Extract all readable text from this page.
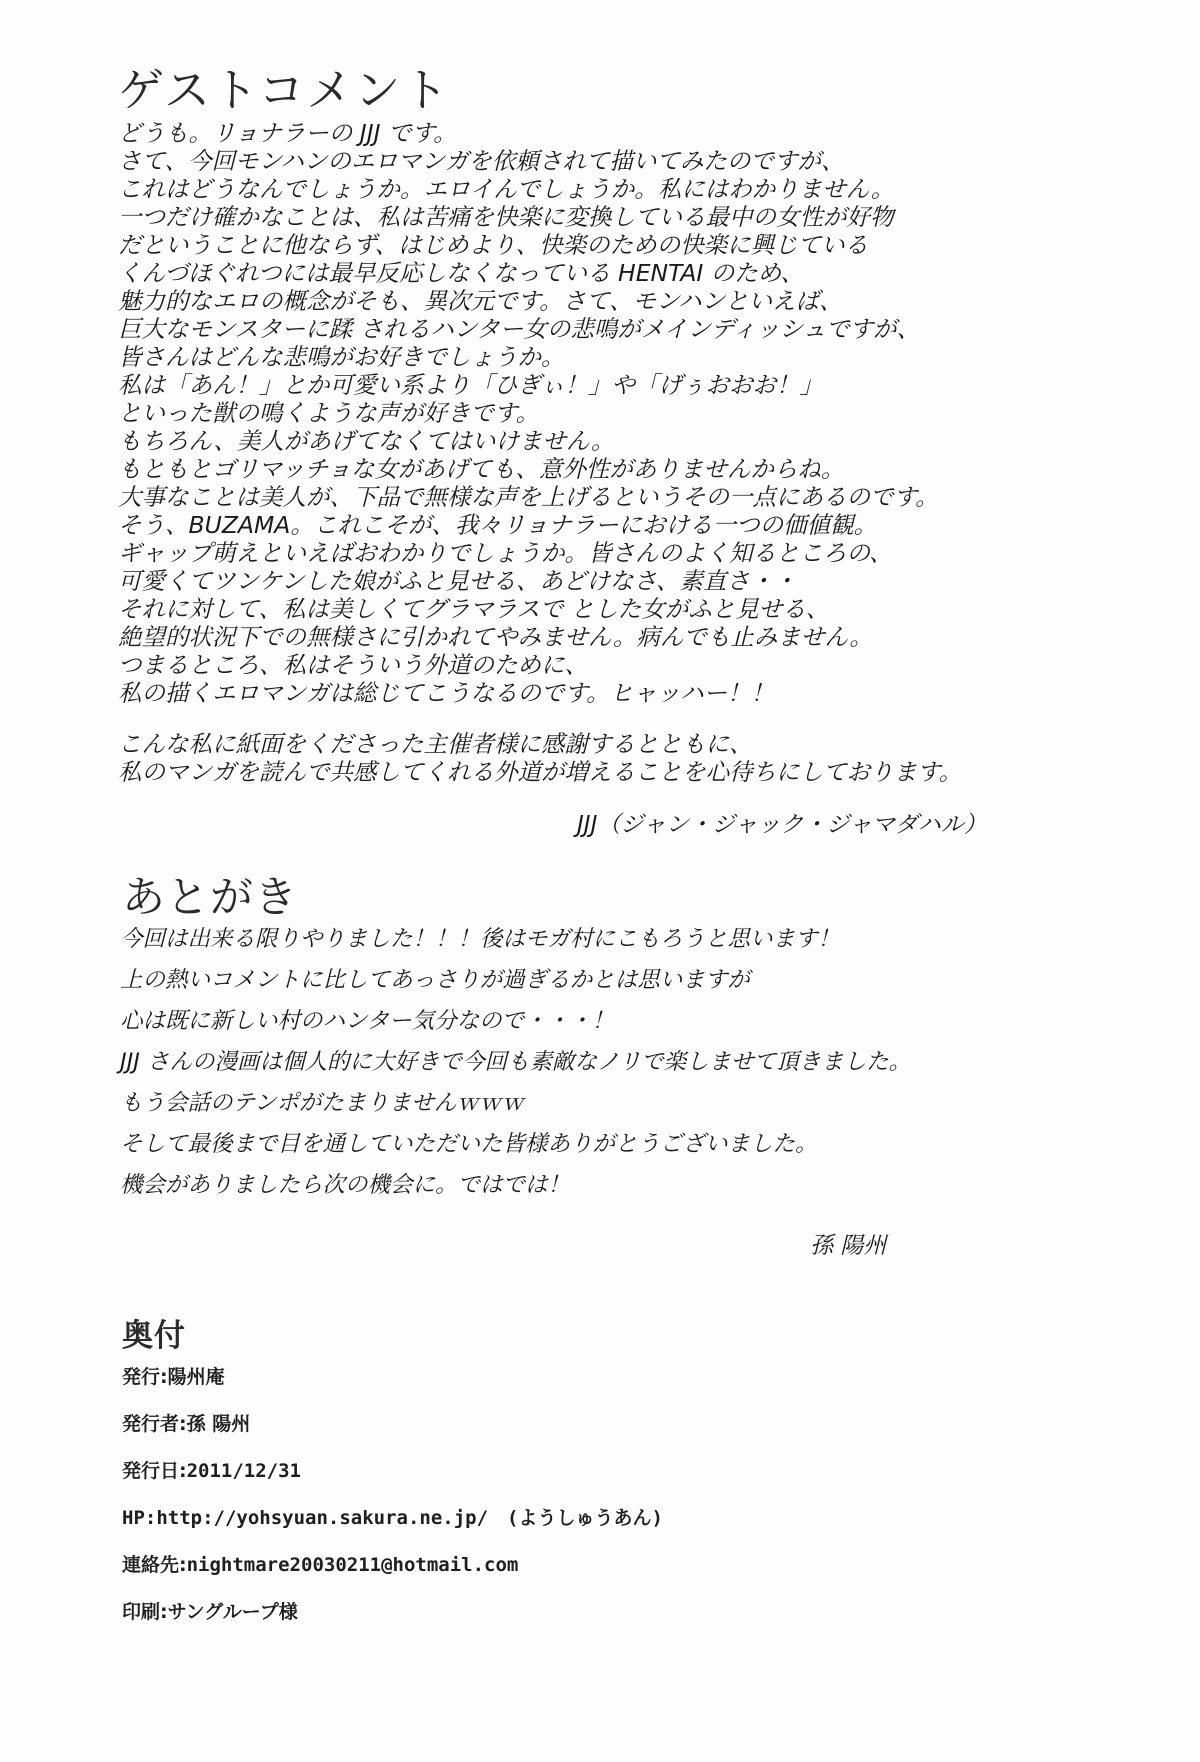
ゲストコメント
どうも。リョナラーの JJJ です。
さて、今回モンハンのエロマンガを依頼されて描いてみたのですが、
これはどうなんでしょうか。エロイんでしょうか。私にはわかりません。
一つだけ確かなことは、私は苦痛を快楽に変換している最中の女性が好物
だということに他ならず、はじめより、快楽のための快楽に興じている
くんづほぐれつには最早反応しなくなっている HENTAI のため、
魅力的なエロの概念がそも、異次元です。さて、モンハンといえば、
巨大なモンスターに蹂 されるハンター女の悲鳴がメインディッシュですが、
皆さんはどんな悲鳴がお好きでしょうか。
私は「あん！」とか可愛い系より「ひぎぃ！」や「げぅおおお！」
といった獣の鳴くような声が好きです。
もちろん、美人があげてなくてはいけません。
もともとゴリマッチョな女があげても、意外性がありませんからね。
大事なことは美人が、下品で無様な声を上げるというその一点にあるのです。
そう、BUZAMA。これこそが、我々リョナラーにおける一つの価値観。
ギャップ萌えといえばおわかりでしょうか。皆さんのよく知るところの、
可愛くてツンケンした娘がふと見せる、あどけなさ、素直さ・・
それに対して、私は美しくてグラマラスで とした女がふと見せる、
絶望的状況下での無様さに引かれてやみません。病んでも止みません。
つまるところ、私はそういう外道のために、
私の描くエロマンガは総じてこうなるのです。ヒャッハー！！
こんな私に紙面をくださった主催者様に感謝するとともに、
私のマンガを読んで共感してくれる外道が増えることを心待ちにしております。
JJJ（ジャン・ジャック・ジャマダハル）
あとがき
今回は出来る限りやりました！！！後はモガ村にこもろうと思います！
上の熱いコメントに比してあっさりが過ぎるかとは思いますが
心は既に新しい村のハンター気分なので・・・！
JJJ さんの漫画は個人的に大好きで今回も素敵なノリで楽しませて頂きました。
もう会話のテンポがたまりませんｗｗｗ
そして最後まで目を通していただいた皆様ありがとうございました。
機会がありましたら次の機会に。ではでは！
孫 陽州
奥付
発行:陽州庵
発行者:孫 陽州
発行日:2011/12/31
HP:http://yohsyuan.sakura.ne.jp/　(ようしゅうあん)
連絡先:nightmare20030211@hotmail.com
印刷:サングループ様
